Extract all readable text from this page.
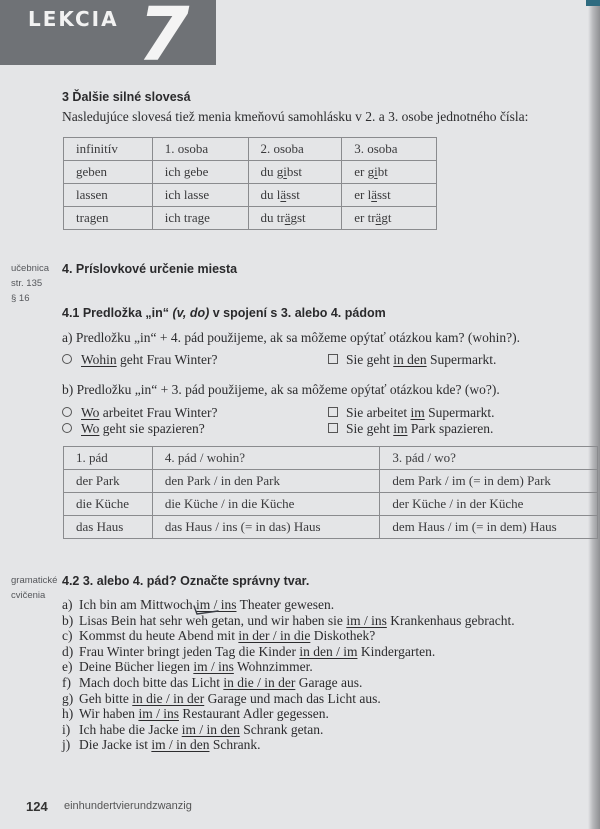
LEKCIA 7
3 Ďalšie silné slovesá
Nasledujúce slovesá tiež menia kmeňovú samohlásku v 2. a 3. osobe jednotného čísla:
infinitív	1. osoba	2. osoba	3. osoba
geben	ich gebe	du gibst	er gibt
lassen	ich lasse	du lässt	er lässt
tragen	ich trage	du trägst	er trägt
učebnica
str. 135
§ 16
4. Príslovkové určenie miesta
4.1 Predložka „in“ (v, do) v spojení s 3. alebo 4. pádom
a) Predložku „in“ + 4. pád použijeme, ak sa môžeme opýtať otázkou kam? (wohin?).
Wohin geht Frau Winter?	Sie geht in den Supermarkt.
b) Predložku „in“ + 3. pád použijeme, ak sa môžeme opýtať otázkou kde? (wo?).
Wo arbeitet Frau Winter?	Sie arbeitet im Supermarkt.
Wo geht sie spazieren?	Sie geht im Park spazieren.
1. pád	4. pád / wohin?	3. pád / wo?
der Park	den Park / in den Park	dem Park / im (= in dem) Park
die Küche	die Küche / in die Küche	der Küche / in der Küche
das Haus	das Haus / ins (= in das) Haus	dem Haus / im (= in dem) Haus
gramatické
cvičenia
4.2 3. alebo 4. pád? Označte správny tvar.
a) Ich bin am Mittwoch im / ins Theater gewesen.
b) Lisas Bein hat sehr weh getan, und wir haben sie im / ins Krankenhaus gebracht.
c) Kommst du heute Abend mit in der / in die Diskothek?
d) Frau Winter bringt jeden Tag die Kinder in den / im Kindergarten.
e) Deine Bücher liegen im / ins Wohnzimmer.
f) Mach doch bitte das Licht in die / in der Garage aus.
g) Geh bitte in die / in der Garage und mach das Licht aus.
h) Wir haben im / ins Restaurant Adler gegessen.
i) Ich habe die Jacke im / in den Schrank getan.
j) Die Jacke ist im / in den Schrank.
124 einhundertvierundzwanzig
